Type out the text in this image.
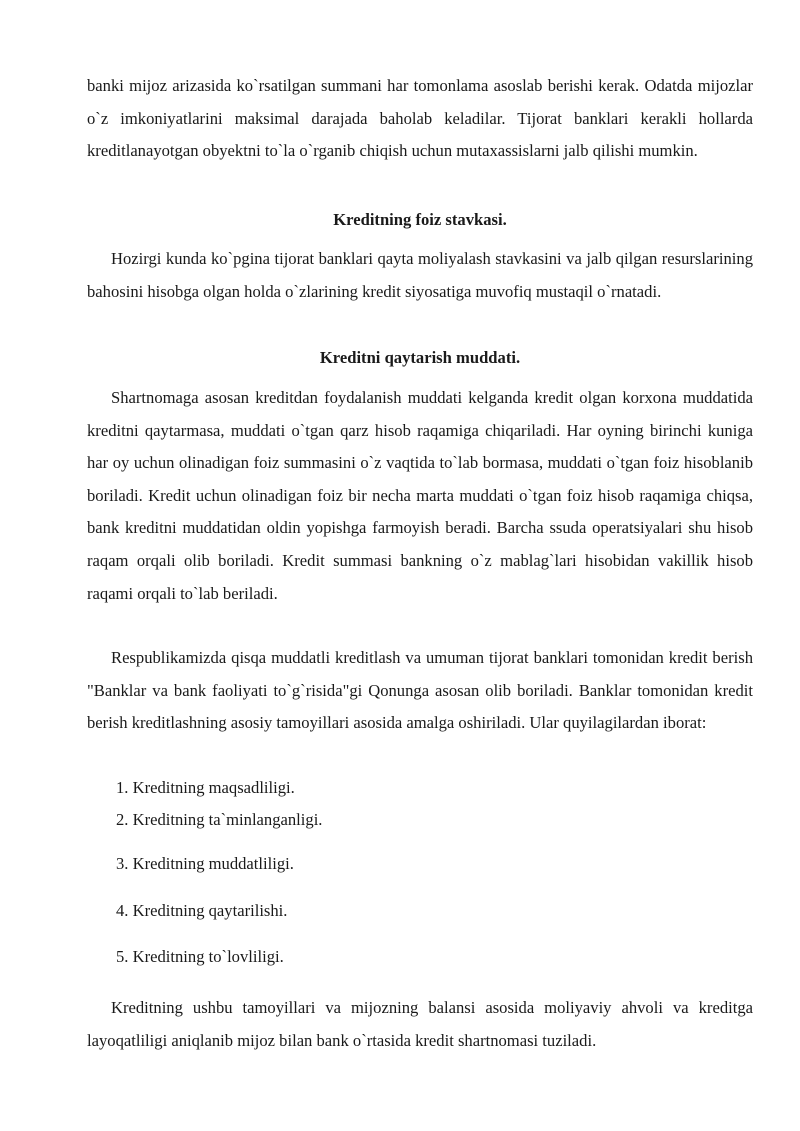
banki mijoz arizasida ko`rsatilgan summani har tomonlama asoslab berishi kerak. Odatda mijozlar o`z imkoniyatlarini maksimal darajada baholab keladilar. Tijorat banklari kerakli hollarda kreditlanayotgan obyektni to`la o`rganib chiqish uchun mutaxassislarni jalb qilishi mumkin.

Kreditning foiz stavkasi.

Hozirgi kunda ko`pgina tijorat banklari qayta moliyalash stavkasini va jalb qilgan resurslarining bahosini hisobga olgan holda o`zlarining kredit siyosatiga muvofiq mustaqil o`rnatadi.

Kreditni qaytarish muddati.

Shartnomaga asosan kreditdan foydalanish muddati kelganda kredit olgan korxona muddatida kreditni qaytarmasa, muddati o`tgan qarz hisob raqamiga chiqariladi. Har oyning birinchi kuniga har oy uchun olinadigan foiz summasini o`z vaqtida to`lab bormasa, muddati o`tgan foiz hisoblanib boriladi. Kredit uchun olinadigan foiz bir necha marta muddati o`tgan foiz hisob raqamiga chiqsa, bank kreditni muddatidan oldin yopishga farmoyish beradi. Barcha ssuda operatsiyalari shu hisob raqam orqali olib boriladi. Kredit summasi bankning o`z mablag`lari hisobidan vakillik hisob raqami orqali to`lab beriladi.

Respublikamizda qisqa muddatli kreditlash va umuman tijorat banklari tomonidan kredit berish "Banklar va bank faoliyati to`g`risida"gi Qonunga asosan olib boriladi. Banklar tomonidan kredit berish kreditlashning asosiy tamoyillari asosida amalga oshiriladi. Ular quyilagilardan iborat:

1. Kreditning maqsadliligi.

2. Kreditning ta`minlanganligi.

3. Kreditning muddatliligi.

4. Kreditning qaytarilishi.

5. Kreditning to`lovliligi.

Kreditning ushbu tamoyillari va mijozning balansi asosida moliyaviy ahvoli va kreditga layoqatliligi aniqlanib mijoz bilan bank o`rtasida kredit shartnomasi tuziladi.
